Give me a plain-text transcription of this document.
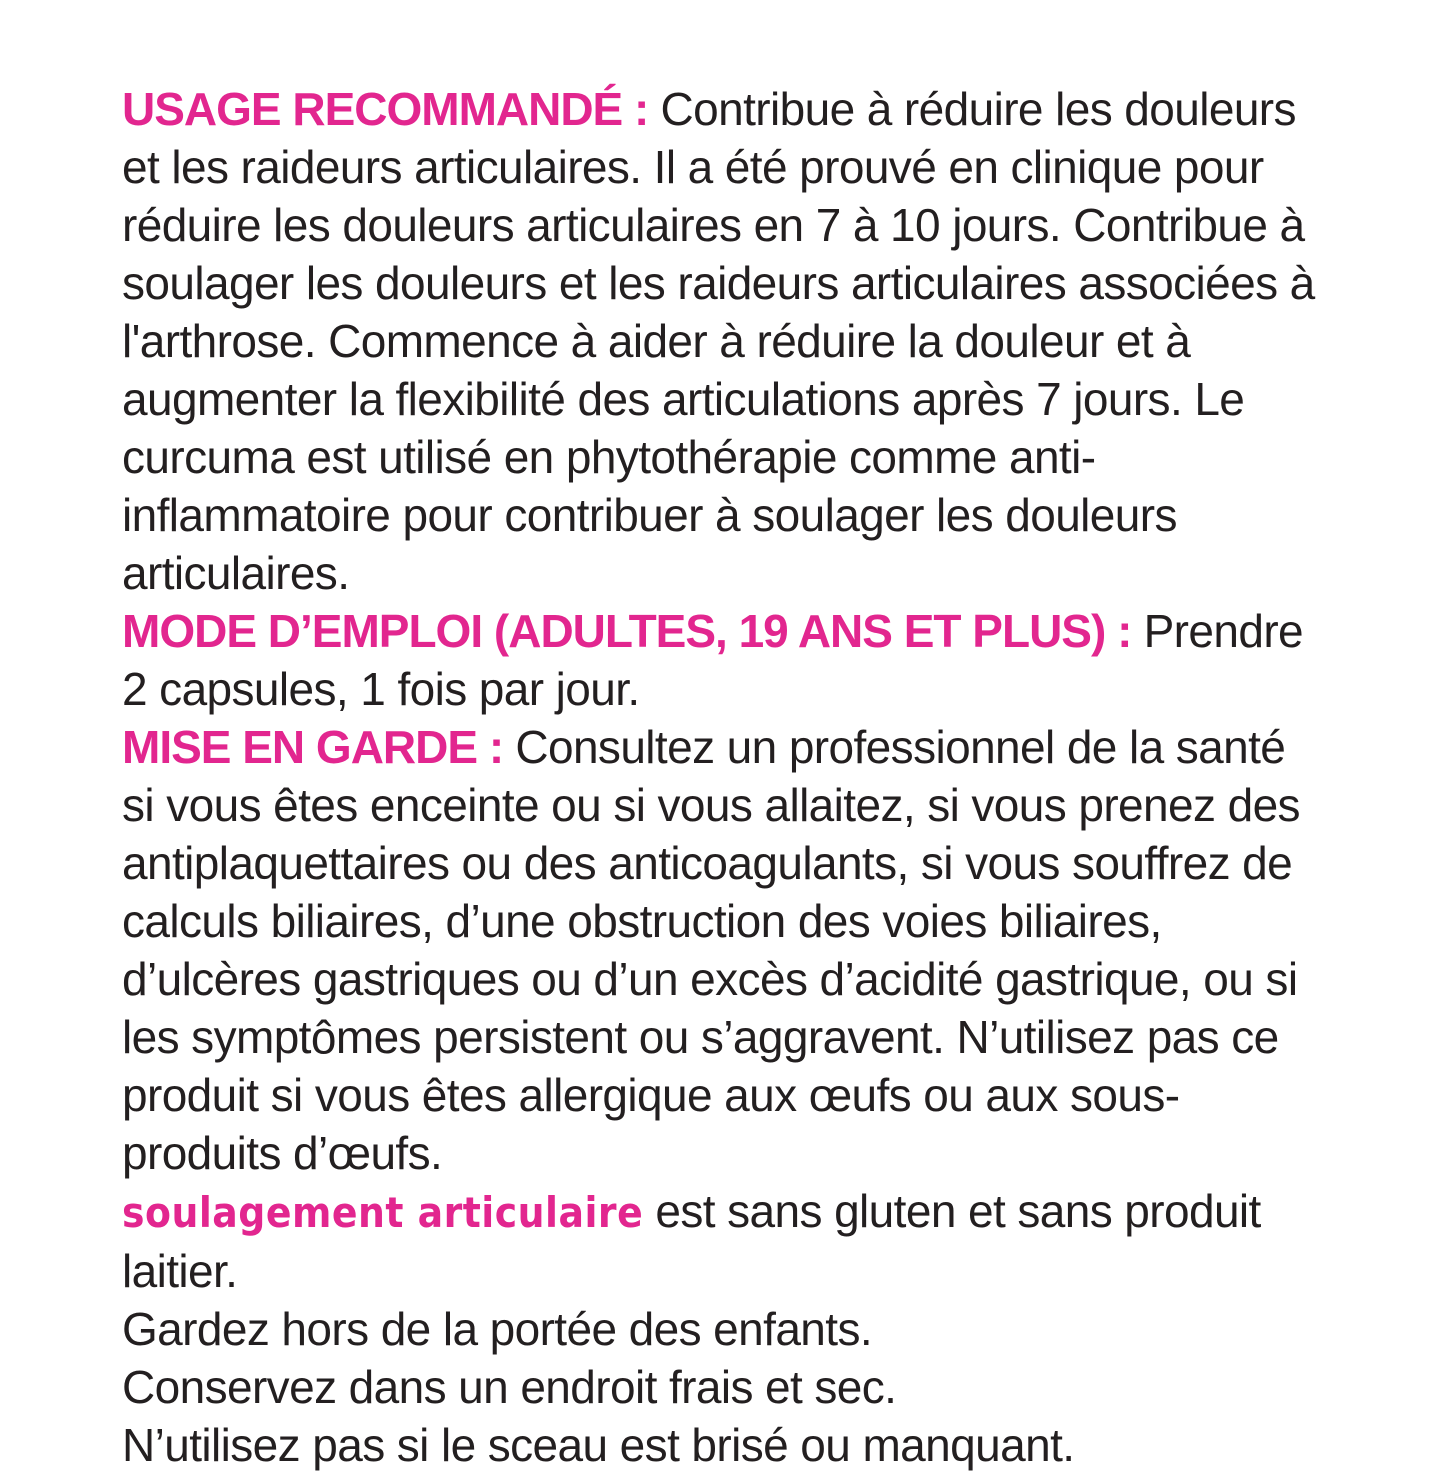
USAGE RECOMMANDÉ : Contribue à réduire les douleurs et les raideurs articulaires. Il a été prouvé en clinique pour réduire les douleurs articulaires en 7 à 10 jours. Contribue à soulager les douleurs et les raideurs articulaires associées à l'arthrose. Commence à aider à réduire la douleur et à augmenter la flexibilité des articulations après 7 jours. Le curcuma est utilisé en phytothérapie comme anti-inflammatoire pour contribuer à soulager les douleurs articulaires.

MODE D’EMPLOI (ADULTES, 19 ANS ET PLUS) : Prendre 2 capsules, 1 fois par jour.

MISE EN GARDE : Consultez un professionnel de la santé si vous êtes enceinte ou si vous allaitez, si vous prenez des antiplaquettaires ou des anticoagulants, si vous souffrez de calculs biliaires, d’une obstruction des voies biliaires, d’ulcères gastriques ou d’un excès d’acidité gastrique, ou si les symptômes persistent ou s’aggravent. N’utilisez pas ce produit si vous êtes allergique aux œufs ou aux sous-produits d’œufs.

soulagement articulaire est sans gluten et sans produit laitier.

Gardez hors de la portée des enfants.

Conservez dans un endroit frais et sec.

N’utilisez pas si le sceau est brisé ou manquant.
